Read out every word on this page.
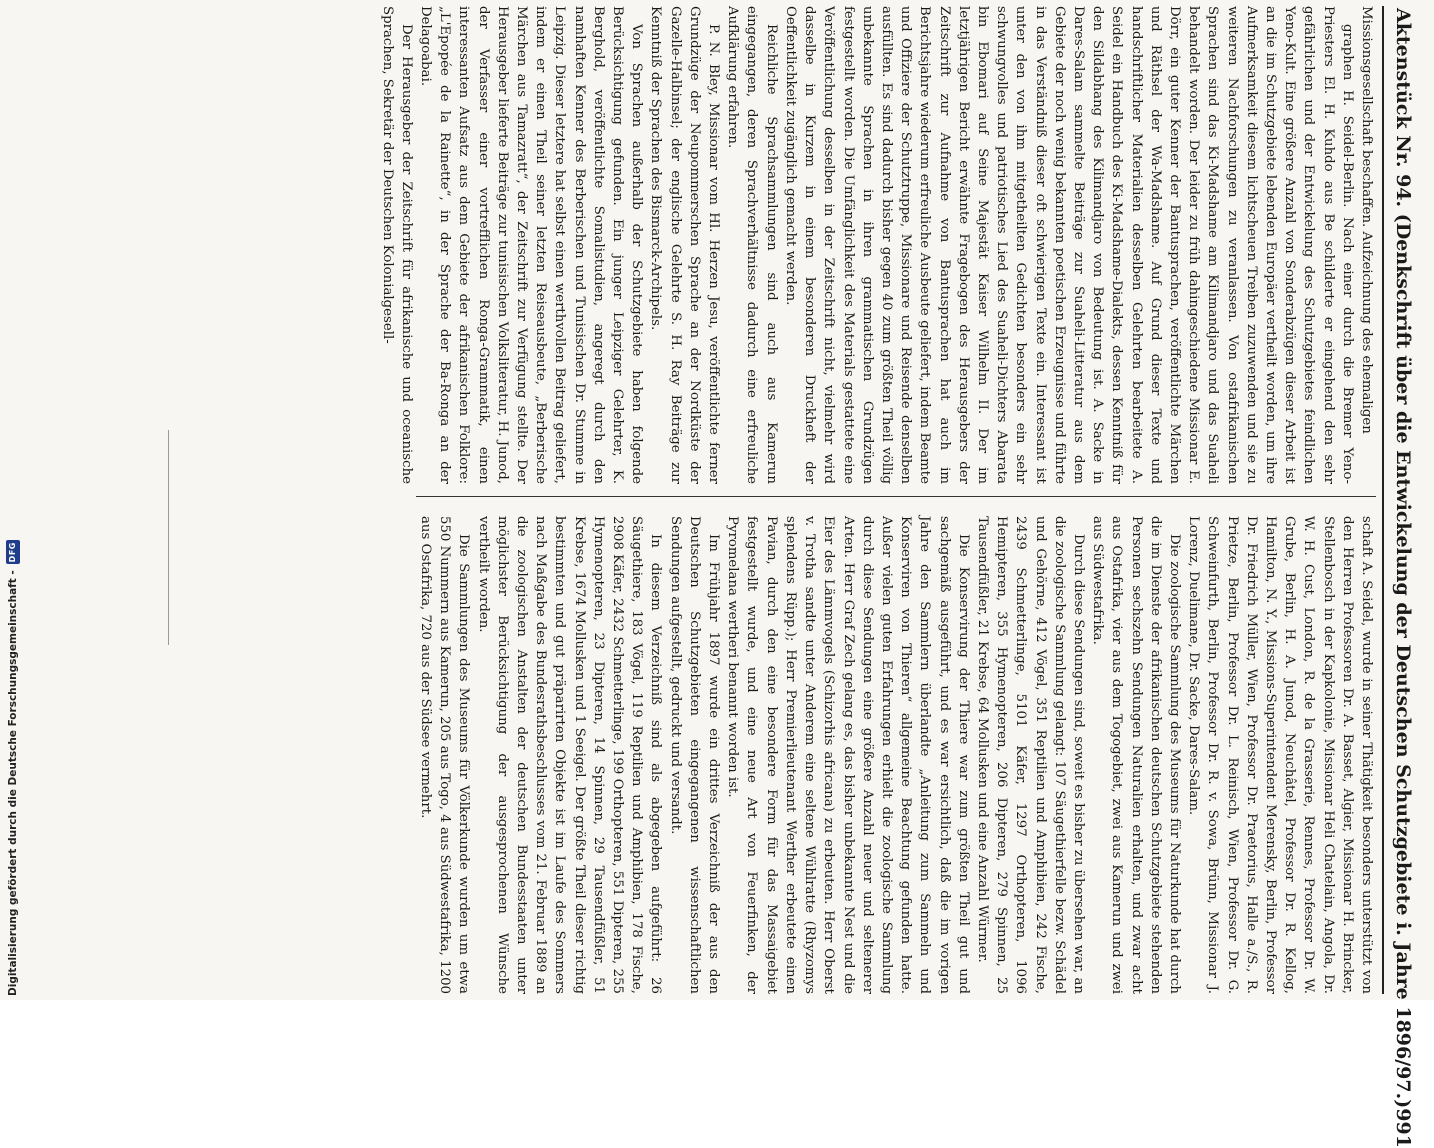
Aktenstück Nr. 94. (Denkschrift über die Entwickelung der Deutschen Schutzgebiete i. Jahre 1896/97.)
991

Missionsgesellschaft beschaffen. Aufzeichnung des ehemaligen

graphen H. Seidel-Berlin. Nach einer durch die Bremer Yeno-Priesters El. H. Kuhdo aus Be schilderte er eingehend den sehr gefährlichen und der Entwickelung des Schutzgebietes feindlichen Yeno-Kult. Eine größere Anzahl von Sonderabzügen dieser Arbeit ist an die im Schutzgebiete lebenden Europäer vertheilt worden, um ihre Aufmerksamkeit diesem lichtscheuen Treiben zuzuwenden und sie zu weiteren Nachforschungen zu veranlassen. Von ostafrikanischen Sprachen sind das Ki-Madshame am Kilimandjaro und das Suaheli behandelt worden. Der leider zu früh dahingeschiedene Missionar E. Dörr, ein guter Kenner der Bantusprachen, veröffentlichte Märchen und Räthsel der Wa-Madshame. Auf Grund dieser Texte und handschriftlicher Materialien desselben Gelehrten bearbeitete A. Seidel ein Handbuch des Ki-Madshame-Dialekts, dessen Kenntniß für den Sildabhang des Kilimandjaro von Bedeutung ist. A. Sacke in Dares-Salam sammelte Beiträge zur Suaheli-Litteratur aus dem Gebiete der noch wenig bekannten poetischen Erzeugnisse und führte in das Verständniß dieser oft schwierigen Texte ein. Interessant ist unter den von ihm mitgetheilten Gedichten besonders ein sehr schwungvolles und patriotisches Lied des Suaheli-Dichters Abarata bin Ebomari auf Seine Majestät Kaiser Wilhelm II. Der im letztjährigen Bericht erwähnte Fragebogen des Herausgebers der Zeitschrift zur Aufnahme von Bantusprachen hat auch im Berichtsjahre wiederum erfreuliche Ausbeute geliefert, indem Beamte und Offiziere der Schutztruppe, Missionare und Reisende denselben ausfüllten. Es sind dadurch bisher gegen 40 zum größten Theil völlig unbekannte Sprachen in ihren grammatischen Grundzügen festgestellt worden. Die Umfänglichkeit des Materials gestattete eine Veröffentlichung desselben in der Zeitschrift nicht, vielmehr wird dasselbe in Kurzem in einem besonderen Druckheft der Oeffentlichkeit zugänglich gemacht werden.

Reichliche Sprachsammlungen sind auch aus Kamerun eingegangen, deren Sprachverhältnisse dadurch eine erfreuliche Aufklärung erfahren.

P. N. Bley, Missionar vom Hl. Herzen Jesu, veröffentlichte ferner Grundzüge der Neupommerschen Sprache an der Nordküste der Gazelle-Halbinsel; der englische Gelehrte S. H. Ray Beiträge zur Kenntniß der Sprachen des Bismarck-Archipels.

Von Sprachen außerhalb der Schutzgebiete haben folgende Berücksichtigung gefunden. Ein junger Leipziger Gelehrter, K. Berghold, veröffentlichte Somalistudien, angeregt durch den namhaften Kenner des Berberischen und Tunisischen Dr. Stumme in Leipzig. Dieser letztere hat selbst einen werthvollen Beitrag geliefert, indem er einen Theil seiner letzten Reiseausbeute, „Berberische Märchen aus Tamazratt“, der Zeitschrift zur Verfügung stellte. Der Herausgeber lieferte Beiträge zur tunisischen Volksliteratur, H. Junod, der Verfasser einer vortrefflichen Ronga-Grammatik, einen interessanten Aufsatz aus dem Gebiete der afrikanischen Folklore: „L'Epopée de la Rainette“, in der Sprache der Ba-Ronga an der Delagoabai.

Der Herausgeber der Zeitschrift für afrikanische und oceanische Sprachen, Sekretär der Deutschen Kolonialgesell-

schaft A. Seidel, wurde in seiner Thätigkeit besonders unterstützt von den Herren Professoren Dr. A. Basset, Algier, Missionar H. Brincker, Stellenbosch in der Kapkolonie, Missionar Heli Chatelain, Angola, Dr. W. H. Cust, London, R. de la Grasserie, Rennes, Professor Dr. W. Grube, Berlin, H. A. Junod, Neuchâtel, Professor Dr. R. Kellog, Hamilton, N. Y., Missions-Superintendent Merensky, Berlin, Professor Dr. Friedrich Müller, Wien, Professor Dr. Praetorius, Halle a./S., R. Prietze, Berlin, Professor Dr. L. Reinisch, Wien, Professor Dr. G. Schweinfurth, Berlin, Professor Dr. R. v. Sowa, Brünn, Missionar J. Lorenz, Duelimane, Dr. Sacke, Dares-Salam.

Die zoologische Sammlung des Museums für Naturkunde hat durch die im Dienste der afrikanischen deutschen Schutzgebiete stehenden Personen sechszehn Sendungen Naturalien erhalten, und zwar acht aus Ostafrika, vier aus dem Togogebiet, zwei aus Kamerun und zwei aus Südwestafrika.

Durch diese Sendungen sind, soweit es bisher zu übersehen war, an die zoologische Sammlung gelangt: 107 Säugethierfelle bezw. Schädel und Gehörne, 412 Vögel, 351 Reptilien und Amphibien, 242 Fische, 2439 Schmetterlinge, 5101 Käfer, 1297 Orthopteren, 1096 Hemipteren, 355 Hymenopteren, 206 Dipteren, 279 Spinnen, 25 Tausendfüßler, 21 Krebse, 64 Mollusken und eine Anzahl Würmer.

Die Konservirung der Thiere war zum größten Theil gut und sachgemäß ausgeführt, und es war ersichtlich, daß die im vorigen Jahre den Sammlern überlandte „Anleitung zum Sammeln und Konserviren von Thieren“ allgemeine Beachtung gefunden hatte. Außer vielen guten Erfahrungen erhielt die zoologische Sammlung durch diese Sendungen eine größere Anzahl neuer und seltenerer Arten. Herr Graf Zech gelang es, das bisher unbekannte Nest und die Eier des Lämmvogels (Schizorhis africana) zu erbeuten. Herr Oberst v. Trotha sandte unter Anderem eine seltene Wühlratte (Rhyzomys splendens Rüpp.); Herr Premierlieutenant Werther erbeutete einen Pavian, durch den eine besondere Form für das Massaigebiet festgestellt wurde, und eine neue Art von Feuerfinken, der Pyromelana wertheri benannt worden ist.

Im Frühjahr 1897 wurde ein drittes Verzeichniß der aus den Deutschen Schutzgebieten eingegangenen wissenschaftlichen Sendungen aufgestellt, gedruckt und versandt.

In diesem Verzeichniß sind als abgegeben aufgeführt: 26 Säugethiere, 183 Vögel, 119 Reptilien und Amphibien, 178 Fische, 2908 Käfer, 2432 Schmetterlinge, 199 Orthopteren, 551 Dipteren, 255 Hymenopteren, 23 Dipteren, 14 Spinnen, 29 Tausendfüßler, 51 Krebse, 1674 Mollusken und 1 Seeigel. Der größte Theil dieser richtig bestimmten und gut präparirten Objekte ist im Laufe des Sommers nach Maßgabe des Bundesrathsbeschlusses vom 21. Februar 1889 an die zoologischen Anstalten der deutschen Bundesstaaten unter möglichster Berücksichtigung der ausgesprochenen Wünsche vertheilt worden.

Die Sammlungen des Museums für Völkerkunde wurden um etwa 550 Nummern aus Kamerun, 205 aus Togo, 4 aus Südwestafrika, 1200 aus Ostafrika, 720 aus der Südsee vermehrt.

Digitalisierung gefördert durch die Deutsche Forschungsgemeinschaft -
DFG
